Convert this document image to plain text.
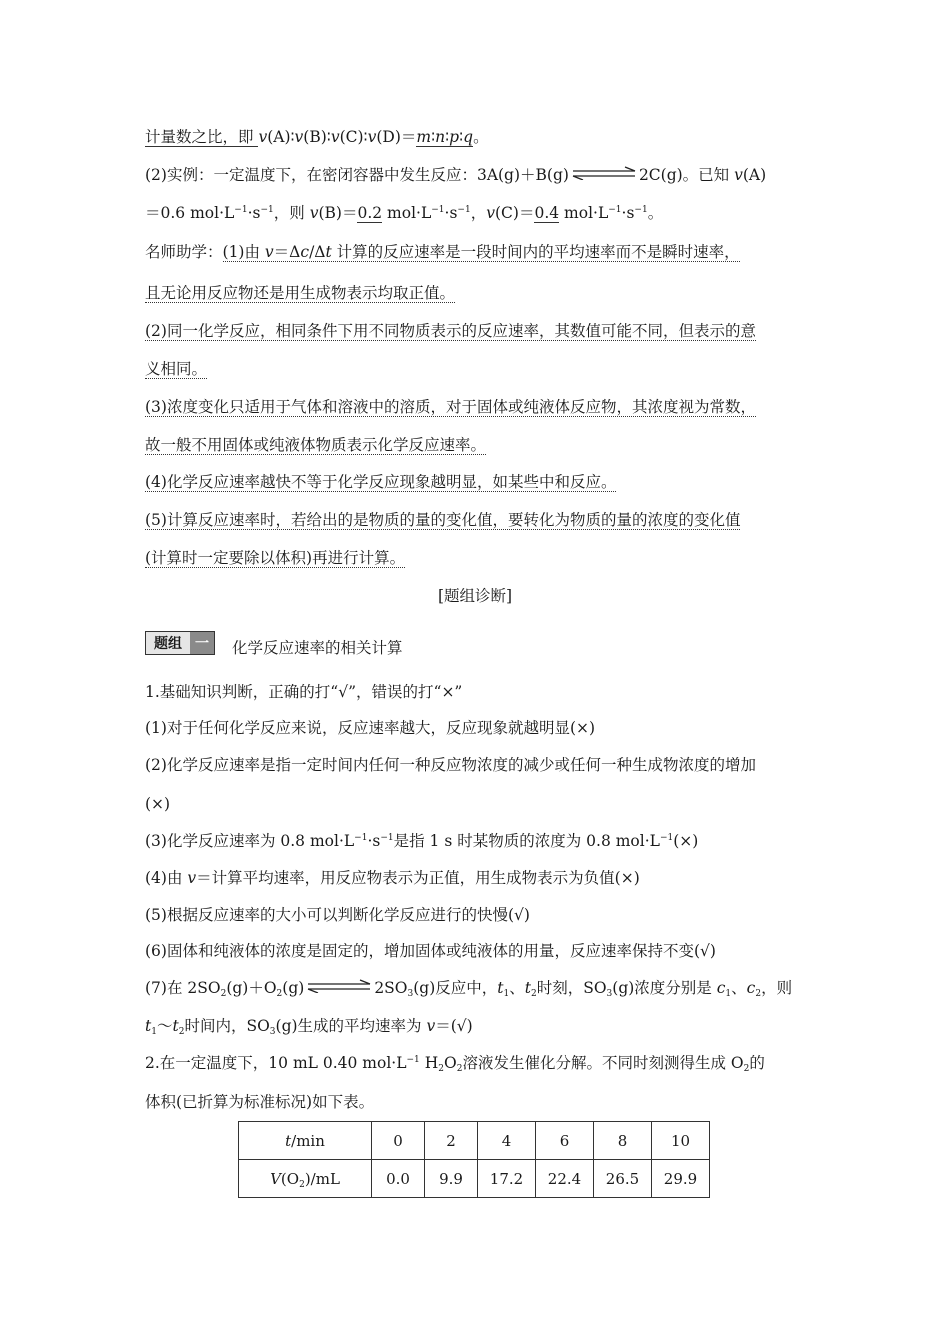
计量数之比，即 v(A)∶v(B)∶v(C)∶v(D)＝m∶n∶p∶q。
(2)实例：一定温度下，在密闭容器中发生反应：3A(g)＋B(g)	2C(g)。已知 v(A)
＝0.6 $mol\cdot L^{-1}\cdot s^{-1}$，则 v(B)＝0.2 $mol\cdot L^{-1}\cdot s^{-1}$，v(C)＝0.4 $mol\cdot L^{-1}\cdot s^{-1}$。
名师助学：(1)由 v＝Δc/Δt 计算的反应速率是一段时间内的平均速率而不是瞬时速率，
且无论用反应物还是用生成物表示均取正值。
(2)同一化学反应，相同条件下用不同物质表示的反应速率，其数值可能不同，但表示的意
义相同。
(3)浓度变化只适用于气体和溶液中的溶质，对于固体或纯液体反应物，其浓度视为常数，
故一般不用固体或纯液体物质表示化学反应速率。
(4)化学反应速率越快不等于化学反应现象越明显，如某些中和反应。
(5)计算反应速率时，若给出的是物质的量的变化值，要转化为物质的量的浓度的变化值
(计算时一定要除以体积)再进行计算。
[题组诊断]
题组 一	化学反应速率的相关计算
1.基础知识判断，正确的打“√”，错误的打“×”
(1)对于任何化学反应来说，反应速率越大，反应现象就越明显(×)
(2)化学反应速率是指一定时间内任何一种反应物浓度的减少或任何一种生成物浓度的增加
(×)
(3)化学反应速率为 0.8 $mol\cdot L^{-1}\cdot s^{-1}$是指 1 s 时某物质的浓度为 0.8 $mol\cdot L^{-1}(\times)$
(4)由 v＝计算平均速率，用反应物表示为正值，用生成物表示为负值(×)
(5)根据反应速率的大小可以判断化学反应进行的快慢(√)
(6)固体和纯液体的浓度是固定的，增加固体或纯液体的用量，反应速率保持不变(√)
(7)在 $2SO_2(g)+O_2(g)$	$2SO_3(g)$反应中，$t_1$、$t_2$时刻，$SO_3(g)$浓度分别是 $c_1$、$c_2$，则
$t_1\sim t_2$时间内，$SO_3(g)$生成的平均速率为 v＝(√)
2.在一定温度下，10 mL 0.40 $mol\cdot L^{-1}$ $H_2O_2$溶液发生催化分解。不同时刻测得生成 $O_2$的
体积(已折算为标准标况)如下表。
t/min	0	2	4	6	8	10
$V(O_2)/mL$	0.0	9.9	17.2	22.4	26.5	29.9
